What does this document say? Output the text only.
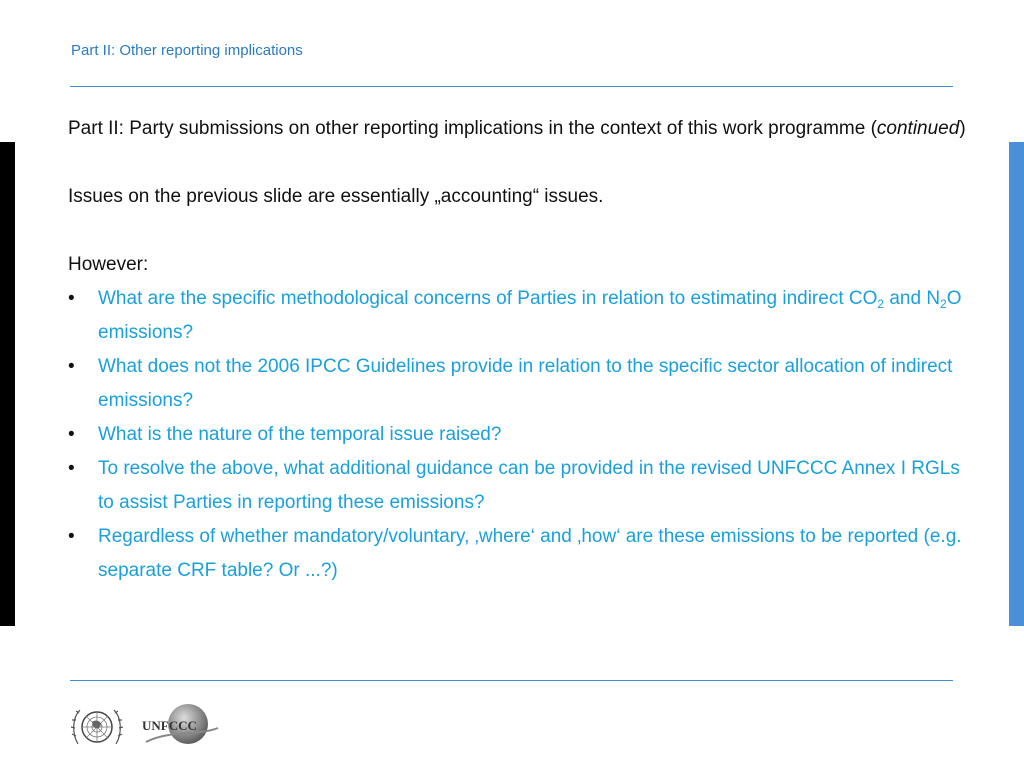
Part II: Other reporting implications

Part II: Party submissions on other reporting implications in the context of this work programme (continued)

Issues on the previous slide are essentially „accounting“ issues.

However:

• What are the specific methodological concerns of Parties in relation to estimating indirect $CO_2$ and $N_2O$ emissions?
• What does not the 2006 IPCC Guidelines provide in relation to the specific sector allocation of indirect emissions?
• What is the nature of the temporal issue raised?
• To resolve the above, what additional guidance can be provided in the revised UNFCCC Annex I RGLs to assist Parties in reporting these emissions?
• Regardless of whether mandatory/voluntary, ‚where‘ and ‚how‘ are these emissions to be reported (e.g. separate CRF table? Or ...?)
UNFCCC
